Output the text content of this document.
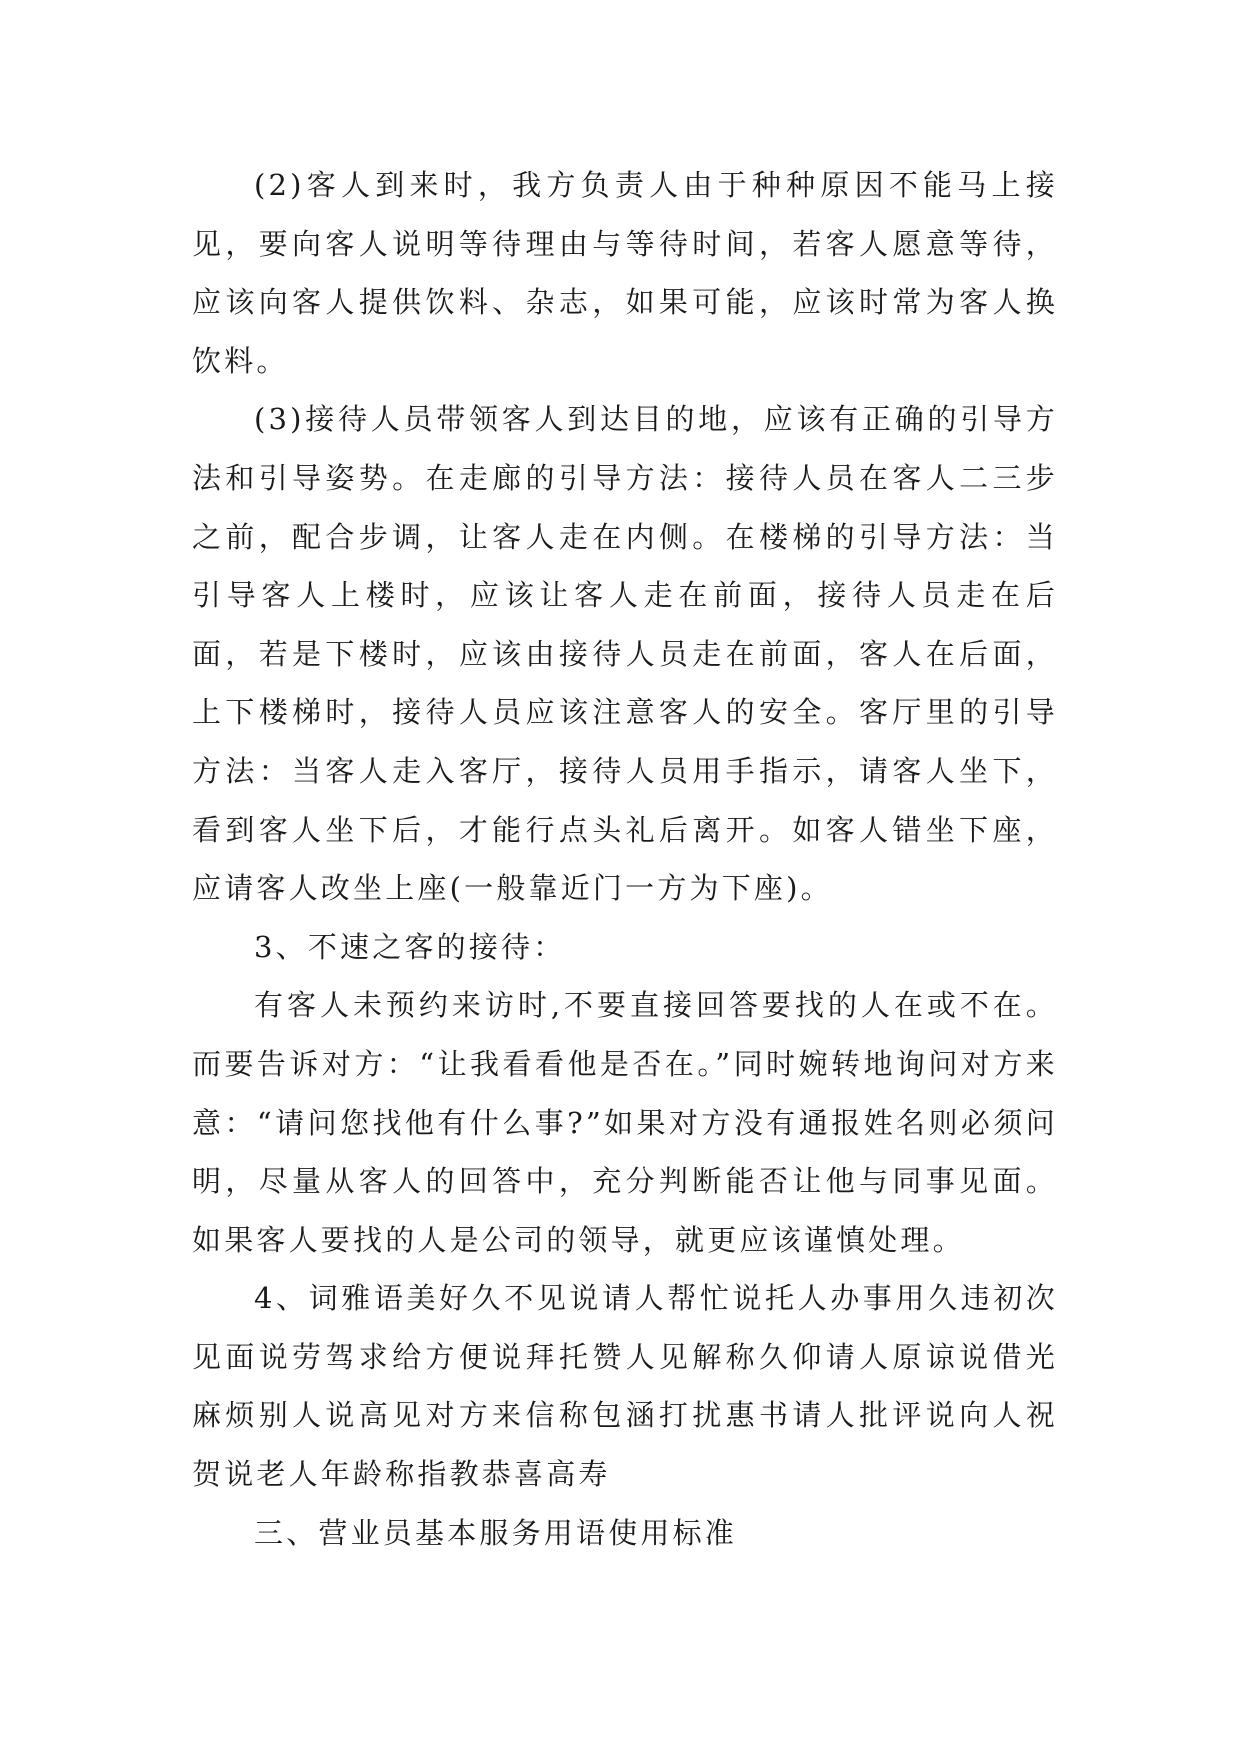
(2)客人到来时，我方负责人由于种种原因不能马上接见，要向客人说明等待理由与等待时间，若客人愿意等待，应该向客人提供饮料、杂志，如果可能，应该时常为客人换饮料。

(3)接待人员带领客人到达目的地，应该有正确的引导方法和引导姿势。在走廊的引导方法：接待人员在客人二三步之前，配合步调，让客人走在内侧。在楼梯的引导方法：当引导客人上楼时，应该让客人走在前面，接待人员走在后面，若是下楼时，应该由接待人员走在前面，客人在后面，上下楼梯时，接待人员应该注意客人的安全。客厅里的引导方法：当客人走入客厅，接待人员用手指示，请客人坐下，看到客人坐下后，才能行点头礼后离开。如客人错坐下座，应请客人改坐上座(一般靠近门一方为下座)。

3、不速之客的接待：

有客人未预约来访时,不要直接回答要找的人在或不在。而要告诉对方：“让我看看他是否在。”同时婉转地询问对方来意：“请问您找他有什么事?”如果对方没有通报姓名则必须问明，尽量从客人的回答中，充分判断能否让他与同事见面。如果客人要找的人是公司的领导，就更应该谨慎处理。

4、词雅语美好久不见说请人帮忙说托人办事用久违初次见面说劳驾求给方便说拜托赞人见解称久仰请人原谅说借光麻烦别人说高见对方来信称包涵打扰惠书请人批评说向人祝贺说老人年龄称指教恭喜高寿

三、营业员基本服务用语使用标准
